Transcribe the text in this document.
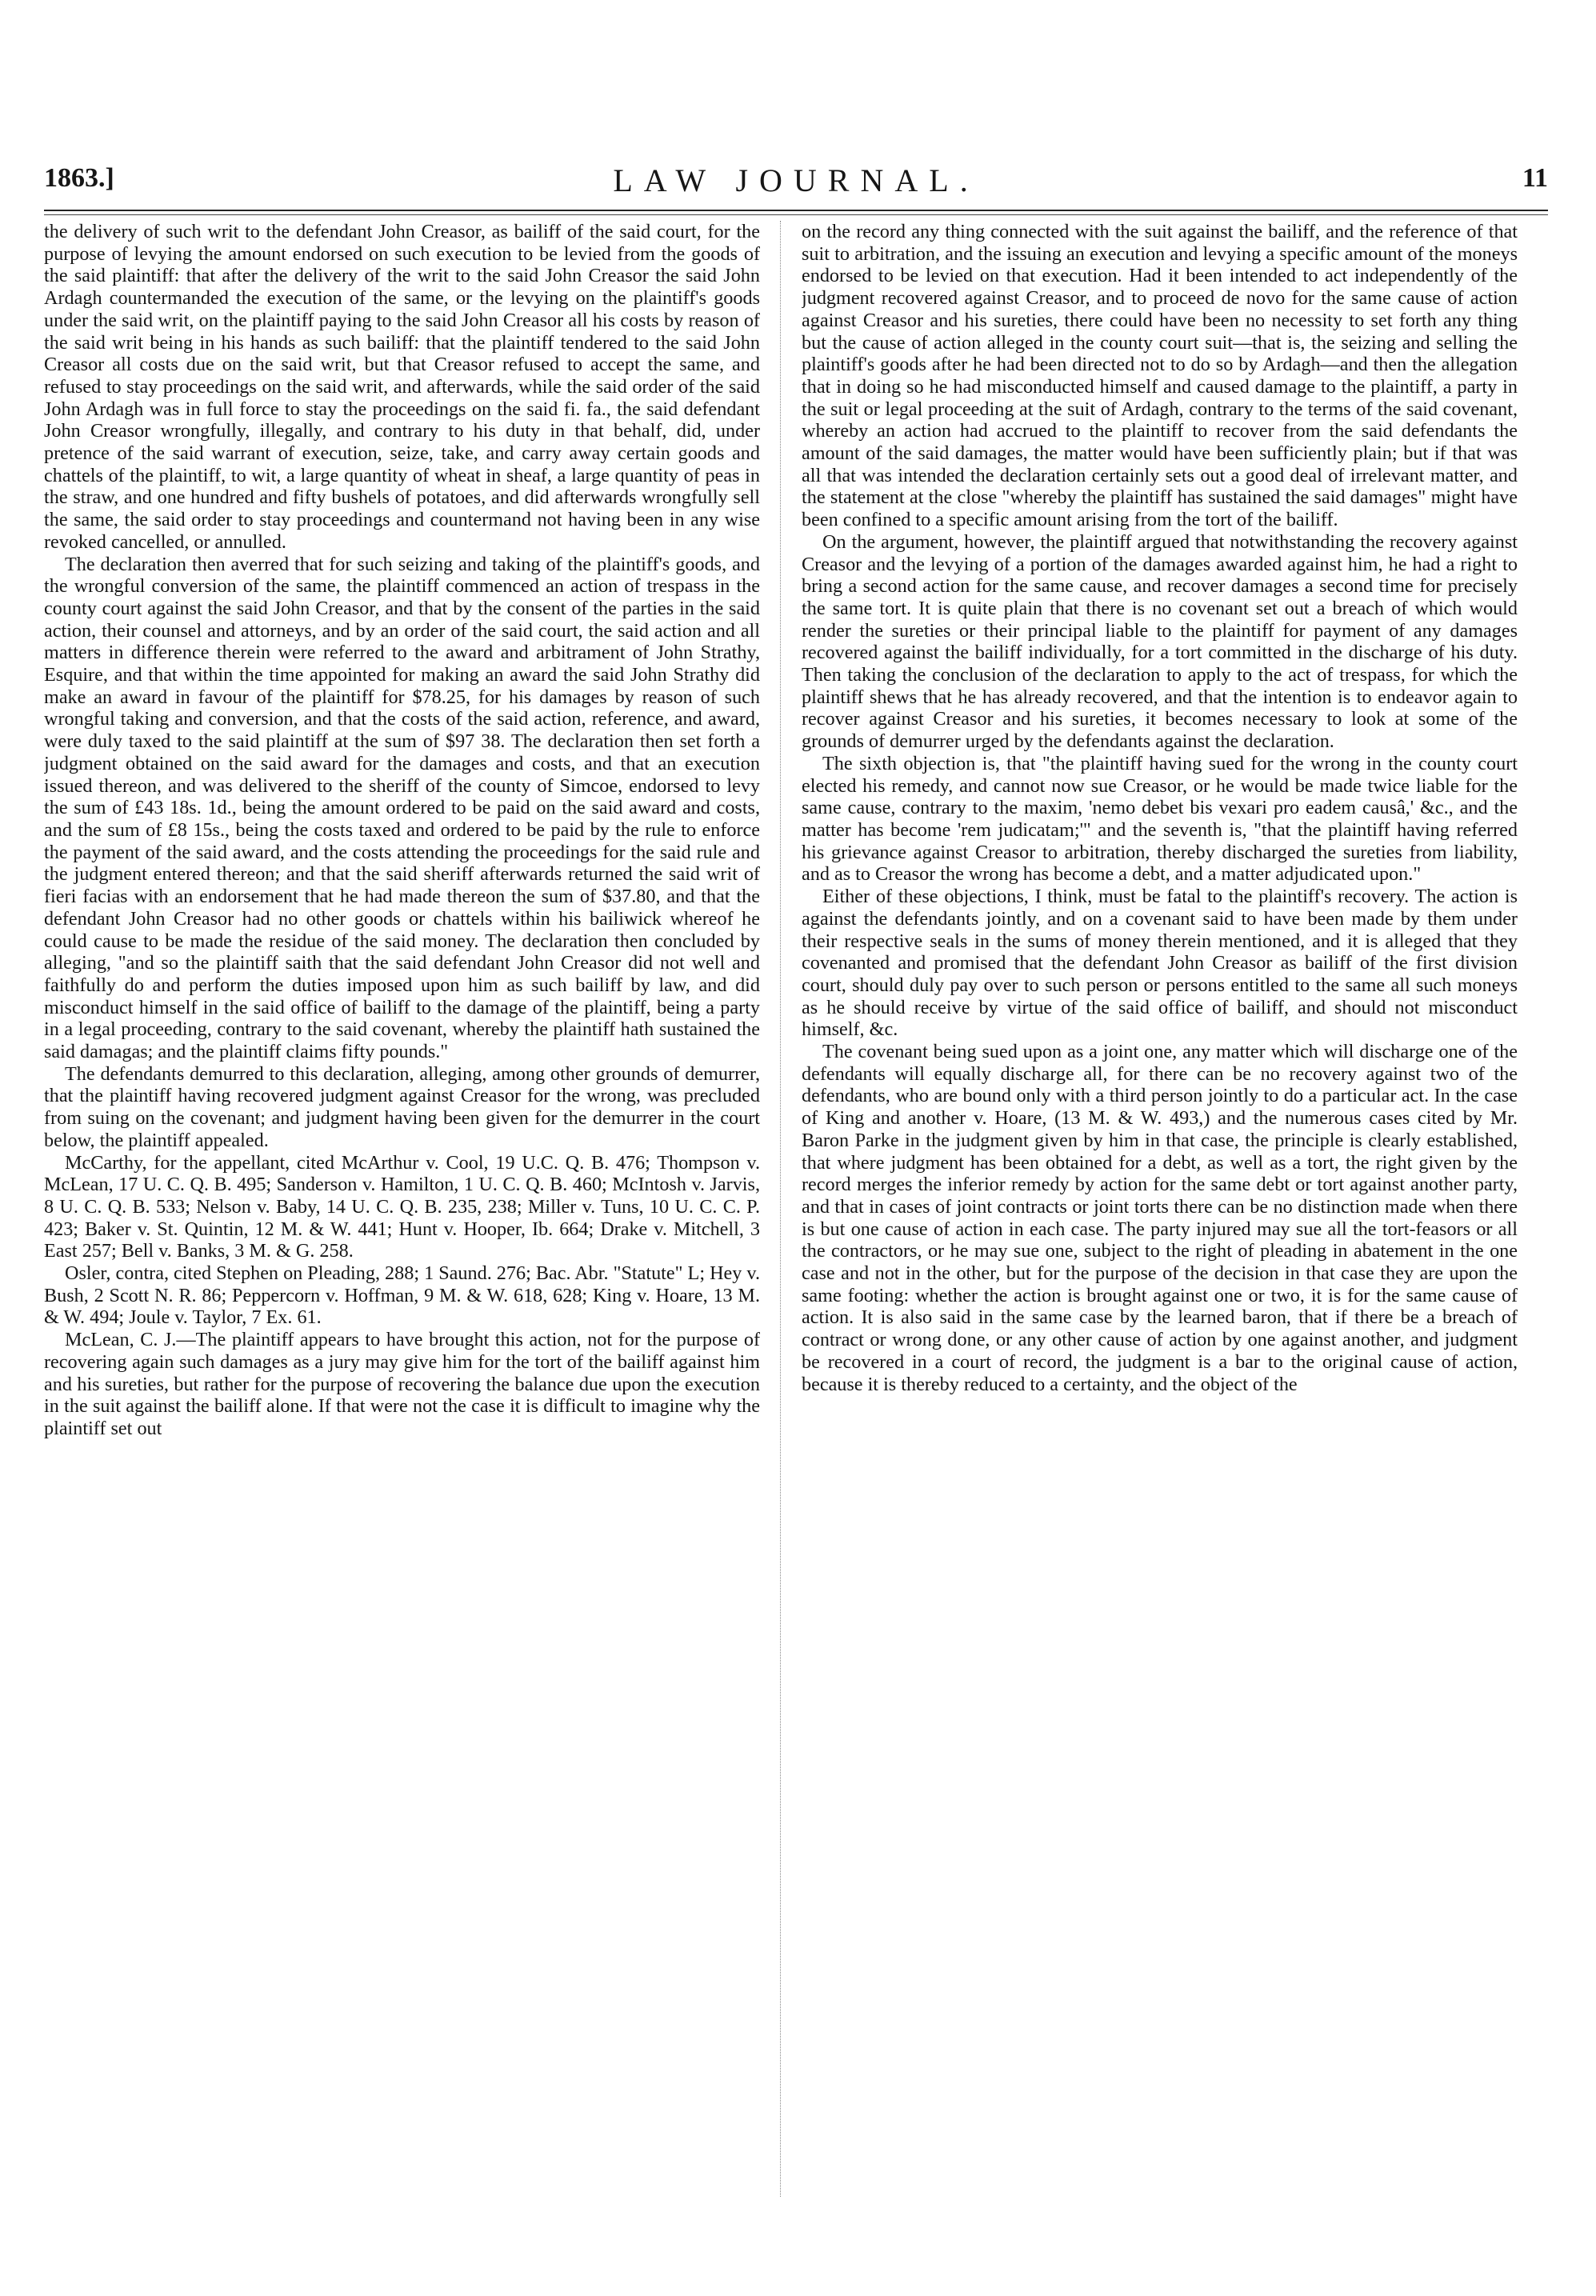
1863.]	LAW JOURNAL.	11

the delivery of such writ to the defendant John Creasor, as bailiff of the said court, for the purpose of levying the amount endorsed on such execution to be levied from the goods of the said plaintiff: that after the delivery of the writ to the said John Creasor the said John Ardagh countermanded the execution of the same, or the levying on the plaintiff's goods under the said writ, on the plaintiff paying to the said John Creasor all his costs by reason of the said writ being in his hands as such bailiff: that the plaintiff tendered to the said John Creasor all costs due on the said writ, but that Creasor refused to accept the same, and refused to stay proceedings on the said writ, and afterwards, while the said order of the said John Ardagh was in full force to stay the proceedings on the said fi. fa., the said defendant John Creasor wrongfully, illegally, and contrary to his duty in that behalf, did, under pretence of the said warrant of execution, seize, take, and carry away certain goods and chattels of the plaintiff, to wit, a large quantity of wheat in sheaf, a large quantity of peas in the straw, and one hundred and fifty bushels of potatoes, and did afterwards wrongfully sell the same, the said order to stay proceedings and countermand not having been in any wise revoked cancelled, or annulled.

The declaration then averred that for such seizing and taking of the plaintiff's goods, and the wrongful conversion of the same, the plaintiff commenced an action of trespass in the county court against the said John Creasor, and that by the consent of the parties in the said action, their counsel and attorneys, and by an order of the said court, the said action and all matters in difference therein were referred to the award and arbitrament of John Strathy, Esquire, and that within the time appointed for making an award the said John Strathy did make an award in favour of the plaintiff for $78.25, for his damages by reason of such wrongful taking and conversion, and that the costs of the said action, reference, and award, were duly taxed to the said plaintiff at the sum of $97 38. The declaration then set forth a judgment obtained on the said award for the damages and costs, and that an execution issued thereon, and was delivered to the sheriff of the county of Simcoe, endorsed to levy the sum of £43 18s. 1d., being the amount ordered to be paid on the said award and costs, and the sum of £8 15s., being the costs taxed and ordered to be paid by the rule to enforce the payment of the said award, and the costs attending the proceedings for the said rule and the judgment entered thereon; and that the said sheriff afterwards returned the said writ of fieri facias with an endorsement that he had made thereon the sum of $37.80, and that the defendant John Creasor had no other goods or chattels within his bailiwick whereof he could cause to be made the residue of the said money. The declaration then concluded by alleging, "and so the plaintiff saith that the said defendant John Creasor did not well and faithfully do and perform the duties imposed upon him as such bailiff by law, and did misconduct himself in the said office of bailiff to the damage of the plaintiff, being a party in a legal proceeding, contrary to the said covenant, whereby the plaintiff hath sustained the said damagas; and the plaintiff claims fifty pounds."

The defendants demurred to this declaration, alleging, among other grounds of demurrer, that the plaintiff having recovered judgment against Creasor for the wrong, was precluded from suing on the covenant; and judgment having been given for the demurrer in the court below, the plaintiff appealed.

McCarthy, for the appellant, cited McArthur v. Cool, 19 U.C. Q. B. 476; Thompson v. McLean, 17 U. C. Q. B. 495; Sanderson v. Hamilton, 1 U. C. Q. B. 460; McIntosh v. Jarvis, 8 U. C. Q. B. 533; Nelson v. Baby, 14 U. C. Q. B. 235, 238; Miller v. Tuns, 10 U. C. C. P. 423; Baker v. St. Quintin, 12 M. & W. 441; Hunt v. Hooper, Ib. 664; Drake v. Mitchell, 3 East 257; Bell v. Banks, 3 M. & G. 258.

Osler, contra, cited Stephen on Pleading, 288; 1 Saund. 276; Bac. Abr. "Statute" L; Hey v. Bush, 2 Scott N. R. 86; Peppercorn v. Hoffman, 9 M. & W. 618, 628; King v. Hoare, 13 M. & W. 494; Joule v. Taylor, 7 Ex. 61.

McLean, C. J.—The plaintiff appears to have brought this action, not for the purpose of recovering again such damages as a jury may give him for the tort of the bailiff against him and his sureties, but rather for the purpose of recovering the balance due upon the execution in the suit against the bailiff alone. If that were not the case it is difficult to imagine why the plaintiff set out

on the record any thing connected with the suit against the bailiff, and the reference of that suit to arbitration, and the issuing an execution and levying a specific amount of the moneys endorsed to be levied on that execution. Had it been intended to act independently of the judgment recovered against Creasor, and to proceed de novo for the same cause of action against Creasor and his sureties, there could have been no necessity to set forth any thing but the cause of action alleged in the county court suit—that is, the seizing and selling the plaintiff's goods after he had been directed not to do so by Ardagh—and then the allegation that in doing so he had misconducted himself and caused damage to the plaintiff, a party in the suit or legal proceeding at the suit of Ardagh, contrary to the terms of the said covenant, whereby an action had accrued to the plaintiff to recover from the said defendants the amount of the said damages, the matter would have been sufficiently plain; but if that was all that was intended the declaration certainly sets out a good deal of irrelevant matter, and the statement at the close "whereby the plaintiff has sustained the said damages" might have been confined to a specific amount arising from the tort of the bailiff.

On the argument, however, the plaintiff argued that notwithstanding the recovery against Creasor and the levying of a portion of the damages awarded against him, he had a right to bring a second action for the same cause, and recover damages a second time for precisely the same tort. It is quite plain that there is no covenant set out a breach of which would render the sureties or their principal liable to the plaintiff for payment of any damages recovered against the bailiff individually, for a tort committed in the discharge of his duty. Then taking the conclusion of the declaration to apply to the act of trespass, for which the plaintiff shews that he has already recovered, and that the intention is to endeavor again to recover against Creasor and his sureties, it becomes necessary to look at some of the grounds of demurrer urged by the defendants against the declaration.

The sixth objection is, that "the plaintiff having sued for the wrong in the county court elected his remedy, and cannot now sue Creasor, or he would be made twice liable for the same cause, contrary to the maxim, 'nemo debet bis vexari pro eadem causâ,' &c., and the matter has become 'rem judicatam;'" and the seventh is, "that the plaintiff having referred his grievance against Creasor to arbitration, thereby discharged the sureties from liability, and as to Creasor the wrong has become a debt, and a matter adjudicated upon."

Either of these objections, I think, must be fatal to the plaintiff's recovery. The action is against the defendants jointly, and on a covenant said to have been made by them under their respective seals in the sums of money therein mentioned, and it is alleged that they covenanted and promised that the defendant John Creasor as bailiff of the first division court, should duly pay over to such person or persons entitled to the same all such moneys as he should receive by virtue of the said office of bailiff, and should not misconduct himself, &c.

The covenant being sued upon as a joint one, any matter which will discharge one of the defendants will equally discharge all, for there can be no recovery against two of the defendants, who are bound only with a third person jointly to do a particular act. In the case of King and another v. Hoare, (13 M. & W. 493,) and the numerous cases cited by Mr. Baron Parke in the judgment given by him in that case, the principle is clearly established, that where judgment has been obtained for a debt, as well as a tort, the right given by the record merges the inferior remedy by action for the same debt or tort against another party, and that in cases of joint contracts or joint torts there can be no distinction made when there is but one cause of action in each case. The party injured may sue all the tort-feasors or all the contractors, or he may sue one, subject to the right of pleading in abatement in the one case and not in the other, but for the purpose of the decision in that case they are upon the same footing: whether the action is brought against one or two, it is for the same cause of action. It is also said in the same case by the learned baron, that if there be a breach of contract or wrong done, or any other cause of action by one against another, and judgment be recovered in a court of record, the judgment is a bar to the original cause of action, because it is thereby reduced to a certainty, and the object of the
